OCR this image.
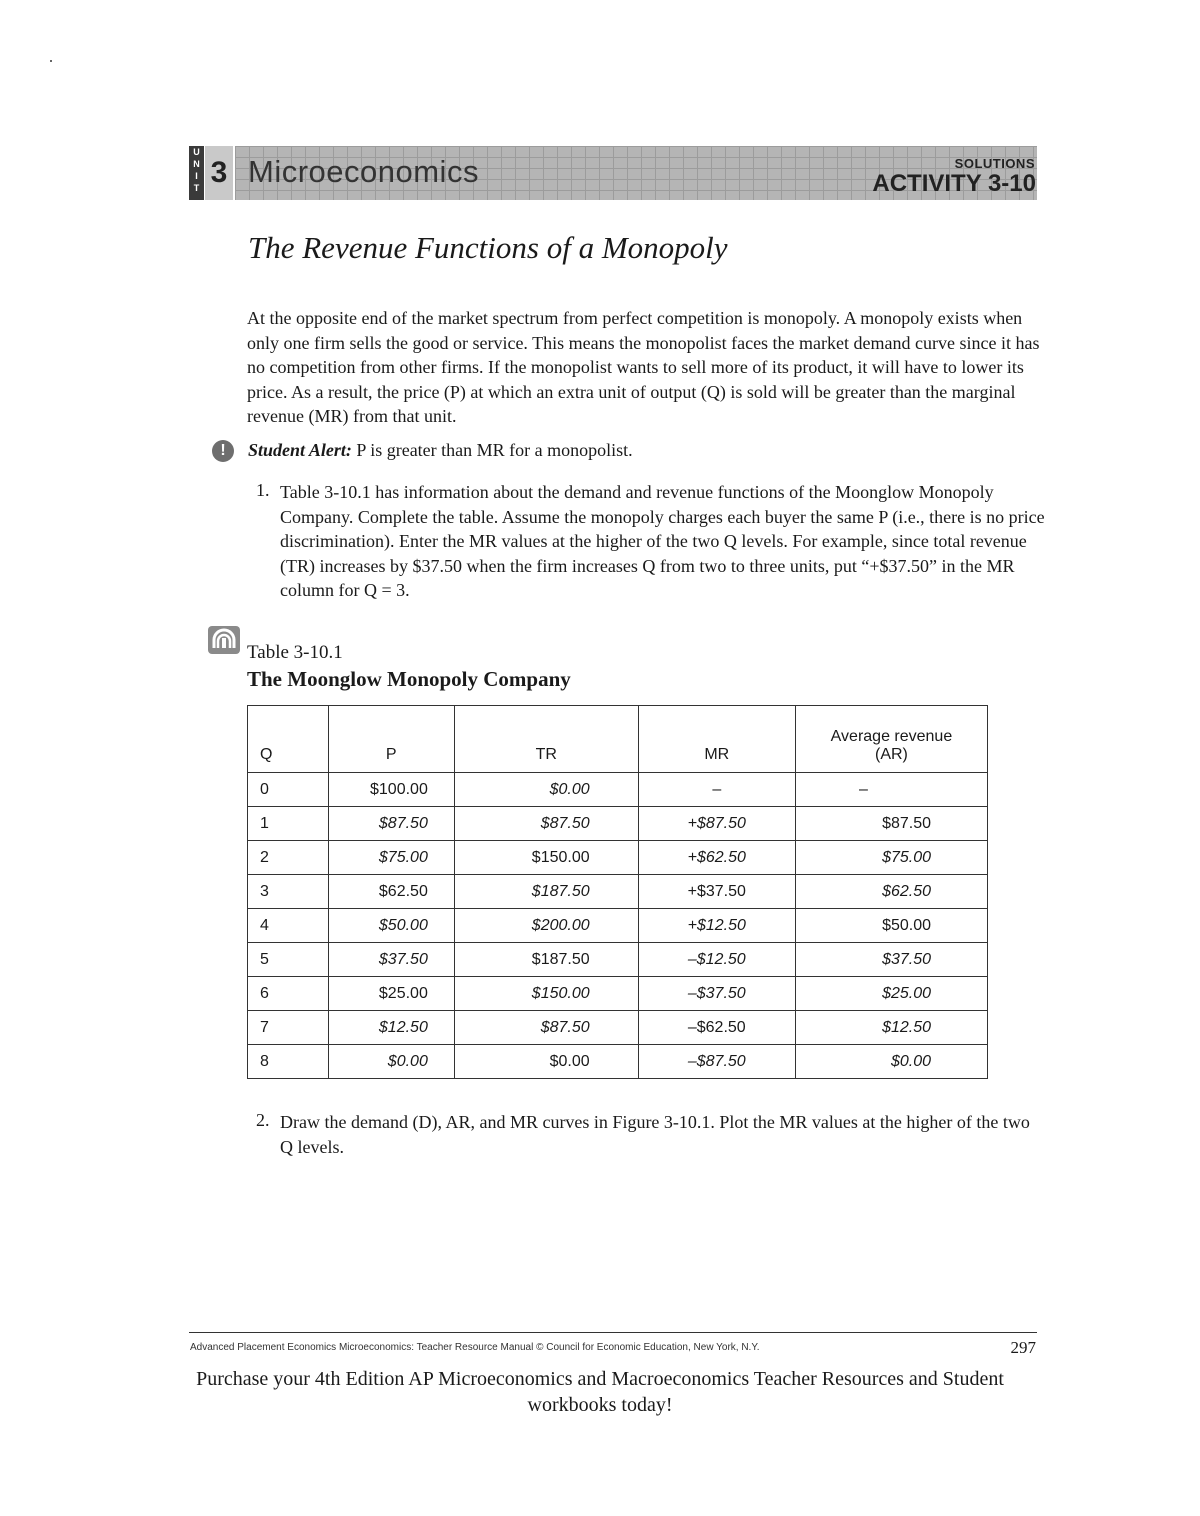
U
N
I
T 3 Microeconomics	SOLUTIONS
ACTIVITY 3-10
The Revenue Functions of a Monopoly
At the opposite end of the market spectrum from perfect competition is monopoly. A monopoly exists when only one firm sells the good or service. This means the monopolist faces the market demand curve since it has no competition from other firms. If the monopolist wants to sell more of its product, it will have to lower its price. As a result, the price (P) at which an extra unit of output (Q) is sold will be greater than the marginal revenue (MR) from that unit.
!	Student Alert: P is greater than MR for a monopolist.
1. Table 3-10.1 has information about the demand and revenue functions of the Moonglow Monopoly Company. Complete the table. Assume the monopoly charges each buyer the same P (i.e., there is no price discrimination). Enter the MR values at the higher of the two Q levels. For example, since total revenue (TR) increases by $37.50 when the firm increases Q from two to three units, put “+$37.50” in the MR column for Q = 3.
Table 3-10.1
The Moonglow Monopoly Company
Q	P	TR	MR	Average revenue
(AR)
0	$100.00	$0.00	–	–
1	$87.50	$87.50	+$87.50	$87.50
2	$75.00	$150.00	+$62.50	$75.00
3	$62.50	$187.50	+$37.50	$62.50
4	$50.00	$200.00	+$12.50	$50.00
5	$37.50	$187.50	–$12.50	$37.50
6	$25.00	$150.00	–$37.50	$25.00
7	$12.50	$87.50	–$62.50	$12.50
8	$0.00	$0.00	–$87.50	$0.00
2. Draw the demand (D), AR, and MR curves in Figure 3-10.1. Plot the MR values at the higher of the two Q levels.
Advanced Placement Economics Microeconomics: Teacher Resource Manual © Council for Economic Education, New York, N.Y.	297
Purchase your 4th Edition AP Microeconomics and Macroeconomics Teacher Resources and Student workbooks today!
